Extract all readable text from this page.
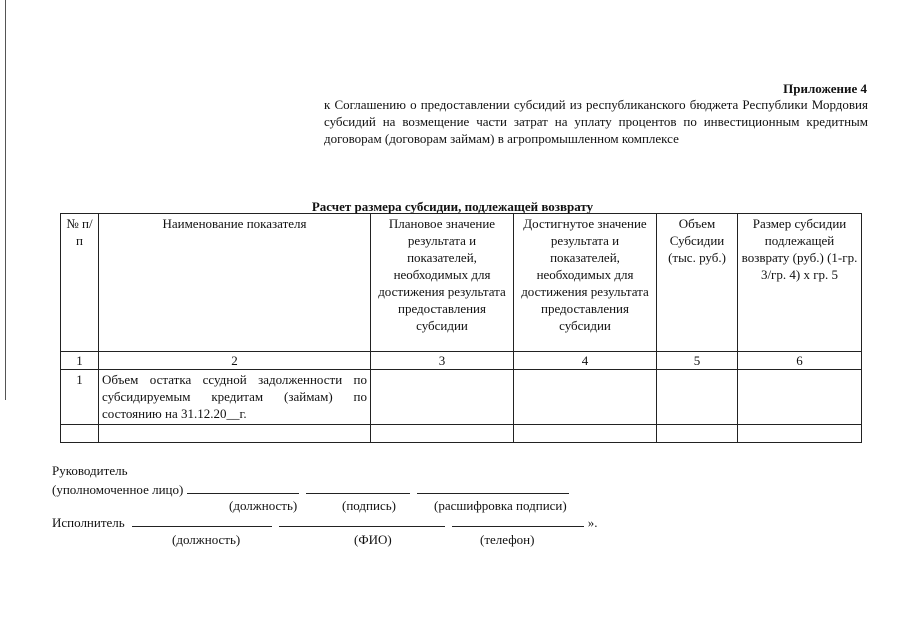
Приложение 4
к Соглашению о предоставлении субсидий из республиканского бюджета Республики Мордовия субсидий на возмещение части затрат на уплату процентов по инвестиционным кредитным договорам (договорам займам) в агропромышленном комплексе
Расчет размера субсидии, подлежащей возврату
№ п/п	Наименование показателя	Плановое значение результата и показателей, необходимых для достижения результата предоставления субсидии	Достигнутое значение результата и показателей, необходимых для достижения результата предоставления субсидии	Объем Субсидии (тыс. руб.)	Размер субсидии подлежащей возврату (руб.) (1-гр. 3/гр. 4) х гр. 5
1	2	3	4	5	6
1	Объем остатка ссудной задолженности по субсидируемым кредитам (займам) по состоянию на 31.12.20__г.				

Руководитель
(уполномоченное лицо)
(должность)	(подпись)	(расшифровка подписи)
Исполнитель	».
(должность)	(ФИО)	(телефон)
